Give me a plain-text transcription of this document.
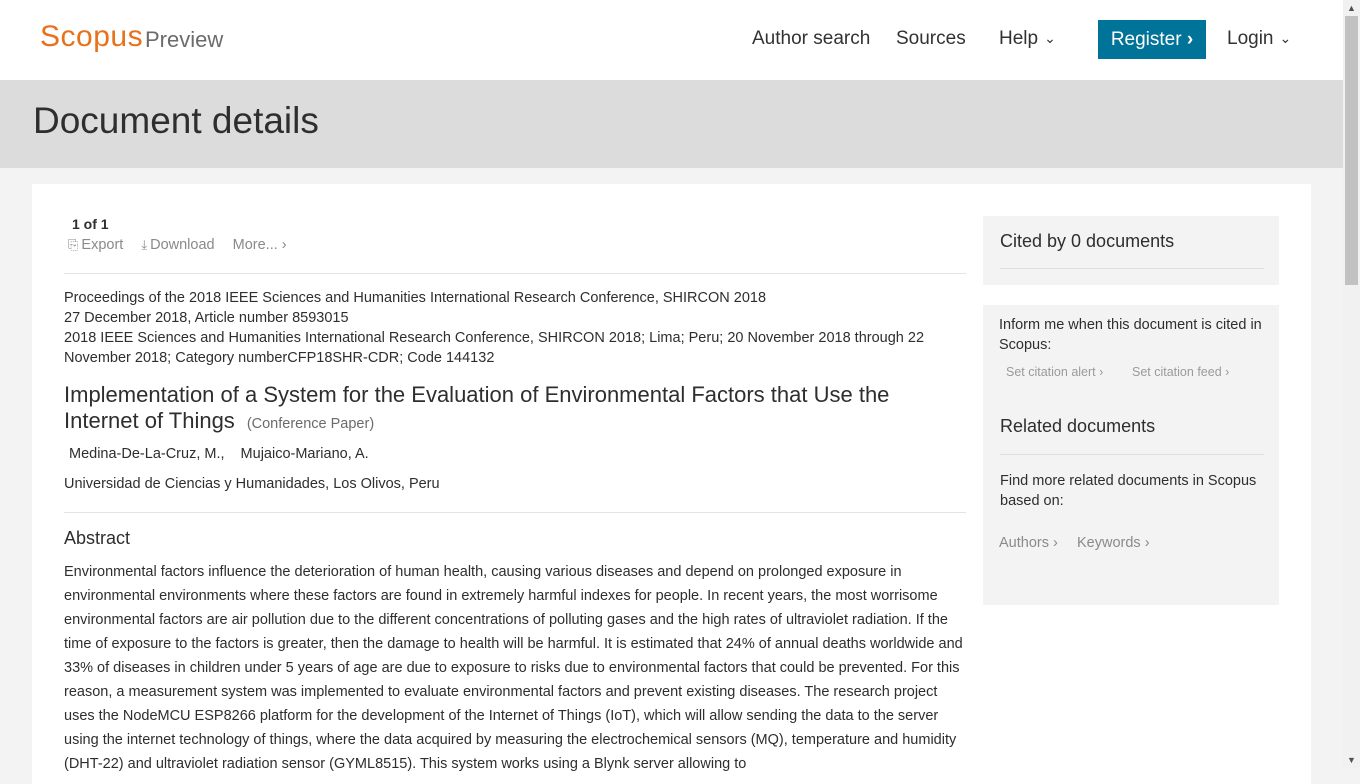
Scopus Preview	Author search Sources Help ⌄	Register ›	Login ⌄
Document details
1 of 1
⎘ Export ⤓ Download More... ›
Proceedings of the 2018 IEEE Sciences and Humanities International Research Conference, SHIRCON 2018
27 December 2018, Article number 8593015
2018 IEEE Sciences and Humanities International Research Conference, SHIRCON 2018; Lima; Peru; 20 November 2018 through 22 November 2018; Category numberCFP18SHR-CDR; Code 144132
Implementation of a System for the Evaluation of Environmental Factors that Use the Internet of Things (Conference Paper)
Medina-De-La-Cruz, M., Mujaico-Mariano, A.
Universidad de Ciencias y Humanidades, Los Olivos, Peru
Abstract
Environmental factors influence the deterioration of human health, causing various diseases and depend on prolonged exposure in environmental environments where these factors are found in extremely harmful indexes for people. In recent years, the most worrisome environmental factors are air pollution due to the different concentrations of polluting gases and the high rates of ultraviolet radiation. If the time of exposure to the factors is greater, then the damage to health will be harmful. It is estimated that 24% of annual deaths worldwide and 33% of diseases in children under 5 years of age are due to exposure to risks due to environmental factors that could be prevented. For this reason, a measurement system was implemented to evaluate environmental factors and prevent existing diseases. The research project uses the NodeMCU ESP8266 platform for the development of the Internet of Things (IoT), which will allow sending the data to the server using the internet technology of things, where the data acquired by measuring the electrochemical sensors (MQ), temperature and humidity (DHT-22) and ultraviolet radiation sensor (GYML8515). This system works using a Blynk server allowing to
Cited by 0 documents
Inform me when this document is cited in Scopus:
Set citation alert › Set citation feed ›
Related documents
Find more related documents in Scopus based on:
Authors › Keywords ›
▲
▼
